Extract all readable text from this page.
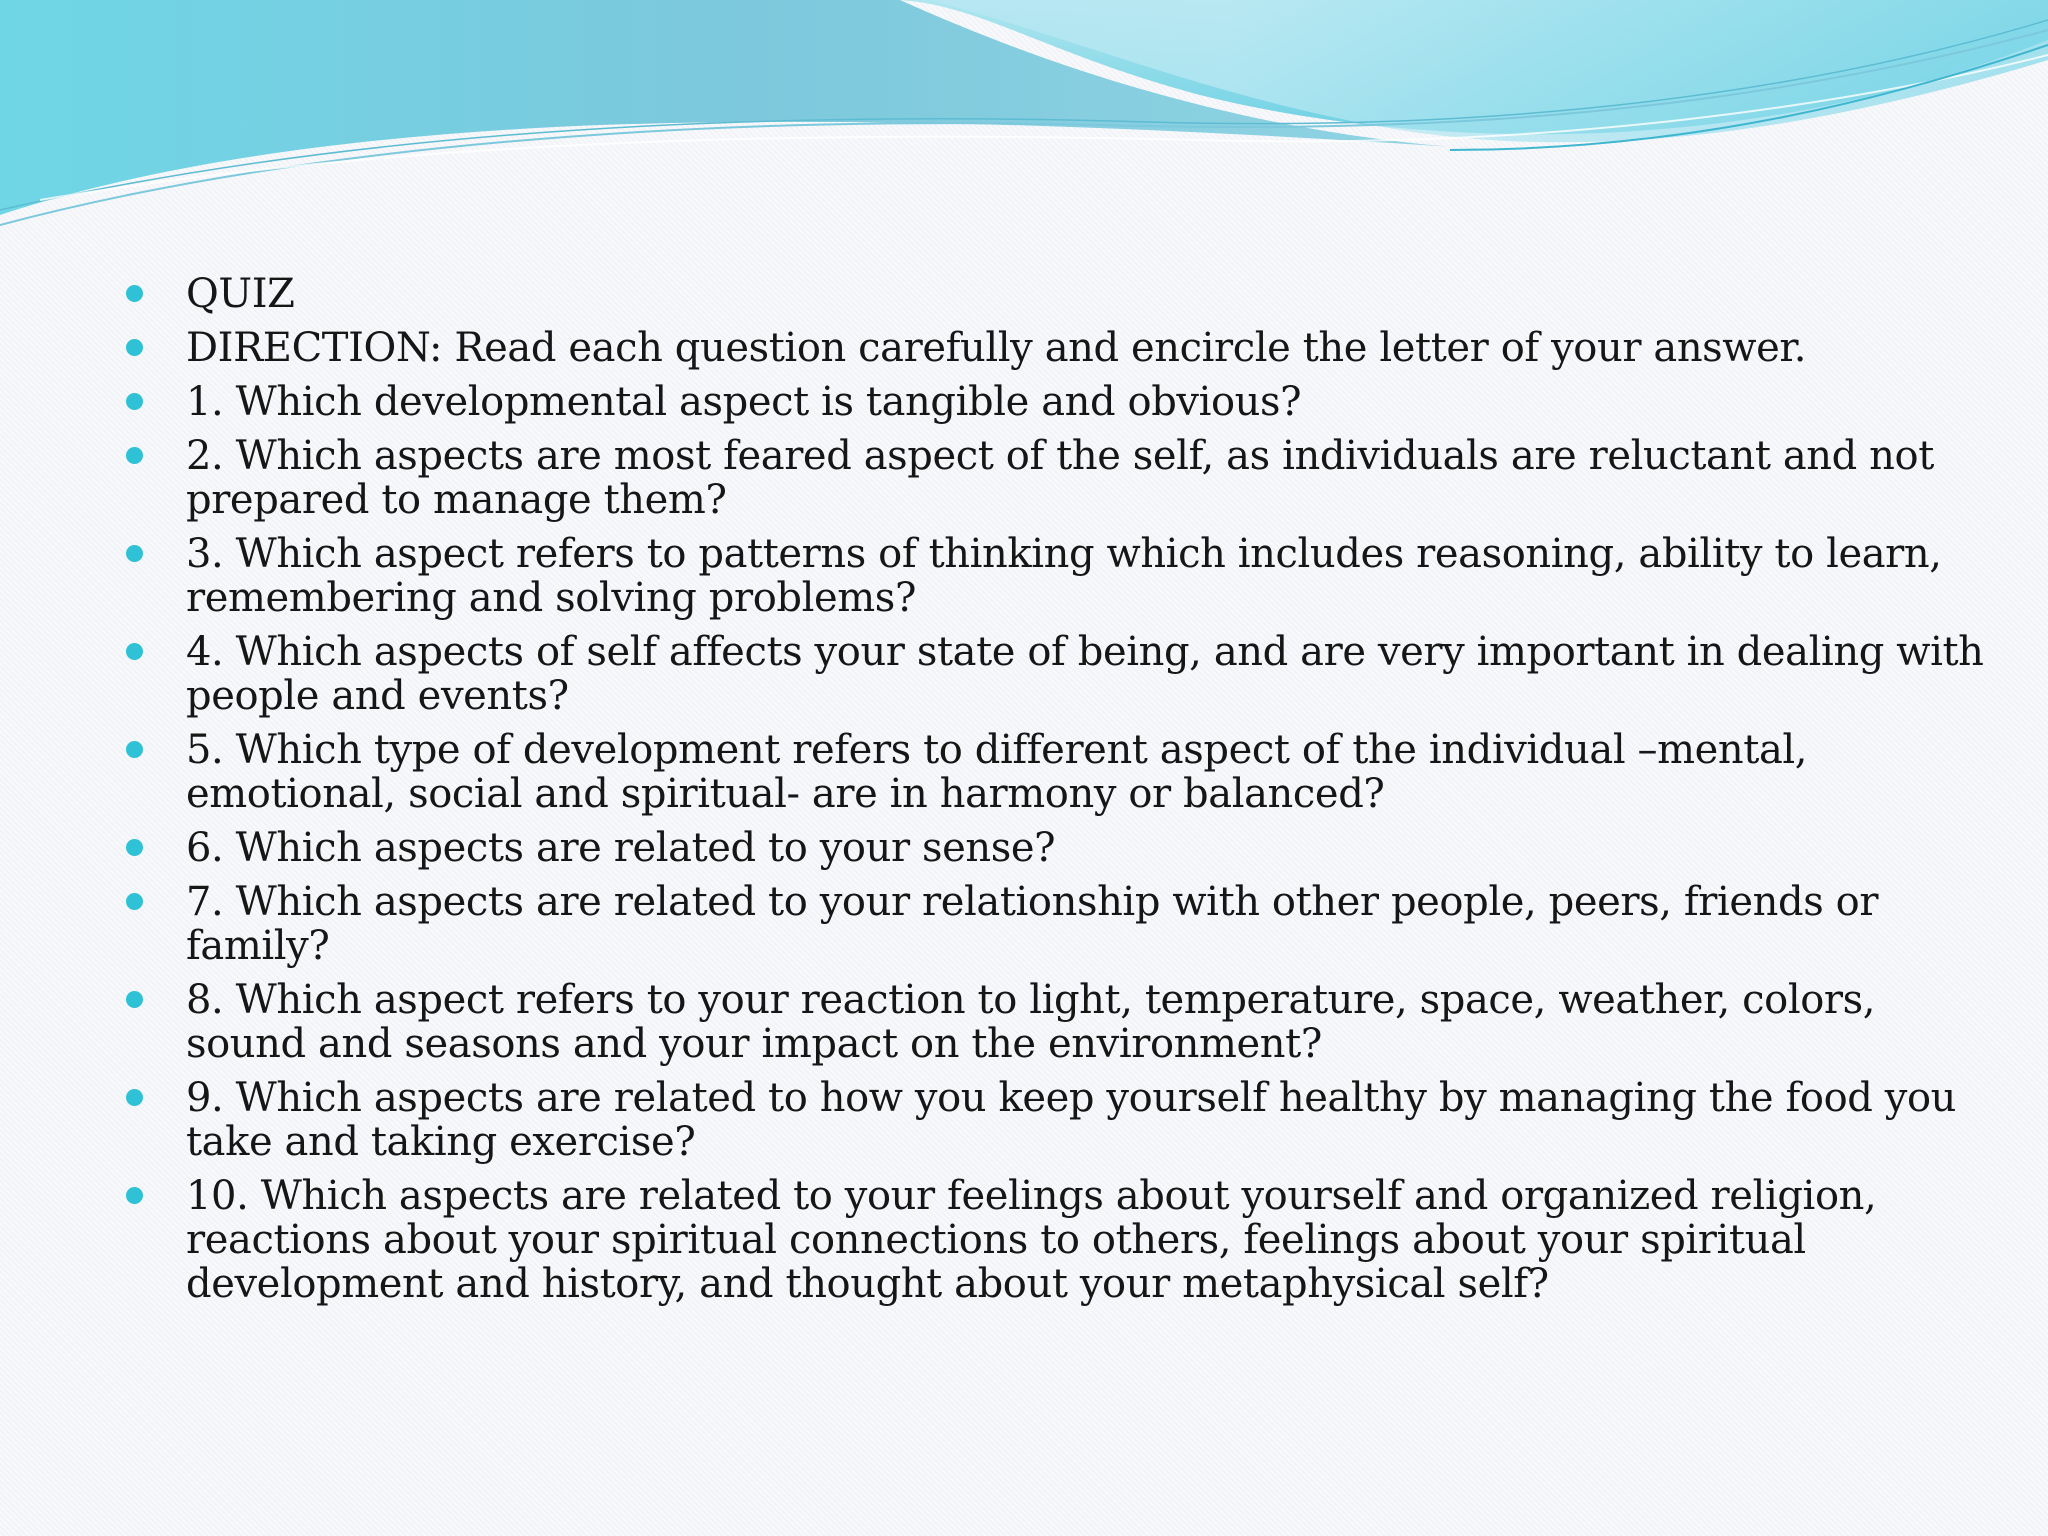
QUIZ
DIRECTION: Read each question carefully and encircle the letter of your answer.
1. Which developmental aspect is tangible and obvious?
2. Which aspects are most feared aspect of the self, as individuals are reluctant and not prepared to manage them?
3. Which aspect refers to patterns of thinking which includes reasoning, ability to learn, remembering and solving problems?
4. Which aspects of self affects your state of being, and are very important in dealing with people and events?
5. Which type of development refers to different aspect of the individual –mental, emotional, social and spiritual- are in harmony or balanced?
6. Which aspects are related to your sense?
7. Which aspects are related to your relationship with other people, peers, friends or family?
8. Which aspect refers to your reaction to light, temperature, space, weather, colors, sound and seasons and your impact on the environment?
9. Which aspects are related to how you keep yourself healthy by managing the food you take and taking exercise?
10. Which aspects are related to your feelings about yourself and organized religion, reactions about your spiritual connections to others, feelings about your spiritual development and history, and thought about your metaphysical self?
